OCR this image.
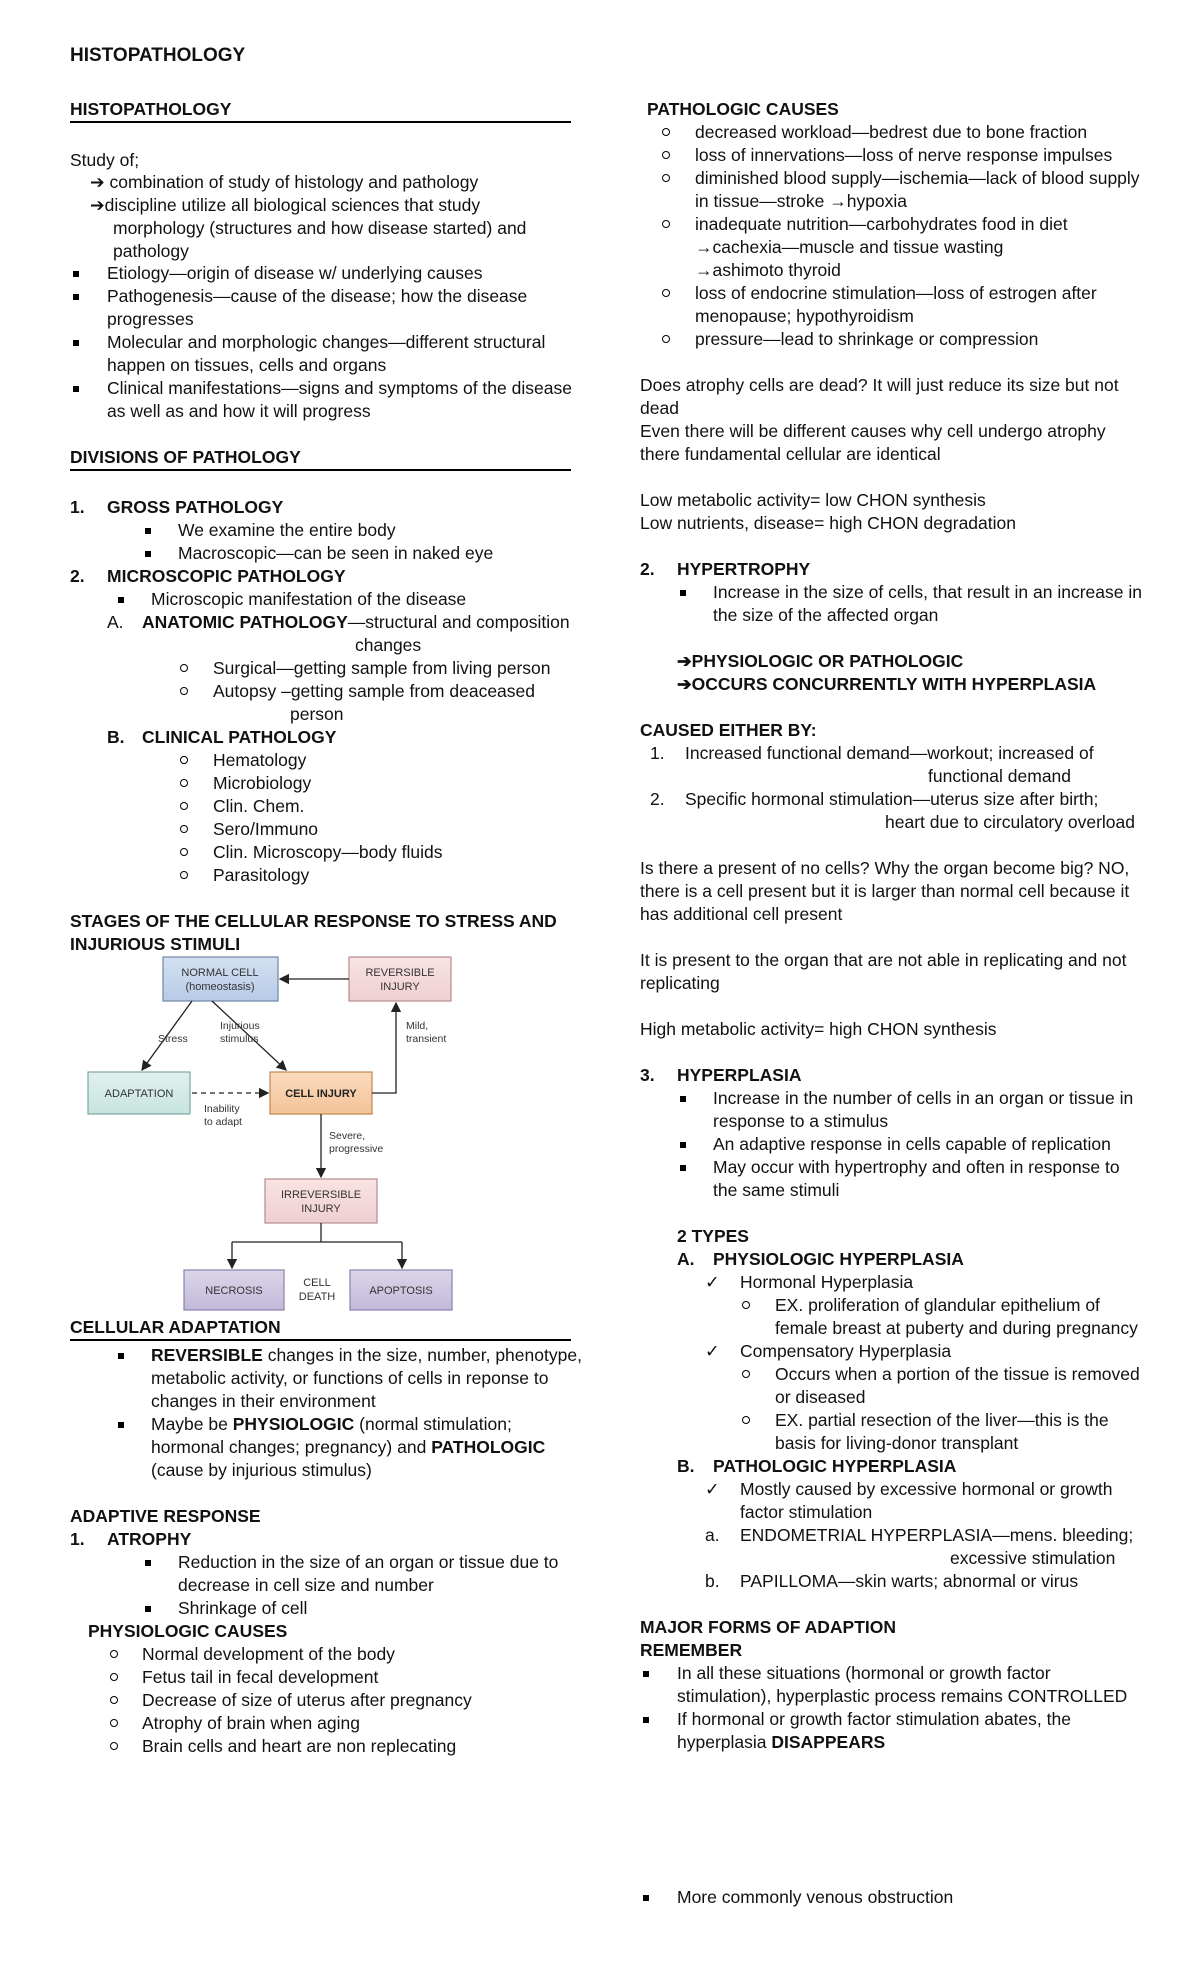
HISTOPATHOLOGY
HISTOPATHOLOGY
Study of;
➔ combination of study of histology and pathology
➔discipline utilize all biological sciences that study
morphology (structures and how disease started) and
pathology
Etiology—origin of disease w/ underlying causes
Pathogenesis—cause of the disease; how the disease
progresses
Molecular and morphologic changes—different structural
happen on tissues, cells and organs
Clinical manifestations—signs and symptoms of the disease
as well as and how it will progress
DIVISIONS OF PATHOLOGY
1. GROSS PATHOLOGY
We examine the entire body
Macroscopic—can be seen in naked eye
2. MICROSCOPIC PATHOLOGY
Microscopic manifestation of the disease
A. ANATOMIC PATHOLOGY—structural and composition
changes
Surgical—getting sample from living person
Autopsy –getting sample from deaceased
person
B. CLINICAL PATHOLOGY
Hematology
Microbiology
Clin. Chem.
Sero/Immuno
Clin. Microscopy—body fluids
Parasitology
STAGES OF THE CELLULAR RESPONSE TO STRESS AND
INJURIOUS STIMULI
NORMAL CELL
(homeostasis)
REVERSIBLE
INJURY
ADAPTATION	CELL INJURY
IRREVERSIBLE
INJURY
NECROSIS	APOPTOSIS
CELL
DEATH
Stress
Injurious
stimulus
Mild,
transient
Inability
to adapt
Severe,
progressive
CELLULAR ADAPTATION
REVERSIBLE changes in the size, number, phenotype,
metabolic activity, or functions of cells in reponse to
changes in their environment
Maybe be PHYSIOLOGIC (normal stimulation;
hormonal changes; pregnancy) and PATHOLOGIC
(cause by injurious stimulus)
ADAPTIVE RESPONSE
1. ATROPHY
Reduction in the size of an organ or tissue due to
decrease in cell size and number
Shrinkage of cell
PHYSIOLOGIC CAUSES
Normal development of the body
Fetus tail in fecal development
Decrease of size of uterus after pregnancy
Atrophy of brain when aging
Brain cells and heart are non replecating
PATHOLOGIC CAUSES
decreased workload—bedrest due to bone fraction
loss of innervations—loss of nerve response impulses
diminished blood supply—ischemia—lack of blood supply
in tissue—stroke →hypoxia
inadequate nutrition—carbohydrates food in diet
→cachexia—muscle and tissue wasting
→ashimoto thyroid
loss of endocrine stimulation—loss of estrogen after
menopause; hypothyroidism
pressure—lead to shrinkage or compression
Does atrophy cells are dead? It will just reduce its size but not
dead
Even there will be different causes why cell undergo atrophy
there fundamental cellular are identical
Low metabolic activity= low CHON synthesis
Low nutrients, disease= high CHON degradation
2. HYPERTROPHY
Increase in the size of cells, that result in an increase in
the size of the affected organ
➔PHYSIOLOGIC OR PATHOLOGIC
➔OCCURS CONCURRENTLY WITH HYPERPLASIA
CAUSED EITHER BY:
1. Increased functional demand—workout; increased of
functional demand
2. Specific hormonal stimulation—uterus size after birth;
heart due to circulatory overload
Is there a present of no cells? Why the organ become big? NO,
there is a cell present but it is larger than normal cell because it
has additional cell present
It is present to the organ that are not able in replicating and not
replicating
High metabolic activity= high CHON synthesis
3. HYPERPLASIA
Increase in the number of cells in an organ or tissue in
response to a stimulus
An adaptive response in cells capable of replication
May occur with hypertrophy and often in response to
the same stimuli
2 TYPES
A. PHYSIOLOGIC HYPERPLASIA
✓ Hormonal Hyperplasia
EX. proliferation of glandular epithelium of
female breast at puberty and during pregnancy
✓ Compensatory Hyperplasia
Occurs when a portion of the tissue is removed
or diseased
EX. partial resection of the liver—this is the
basis for living-donor transplant
B. PATHOLOGIC HYPERPLASIA
✓ Mostly caused by excessive hormonal or growth
factor stimulation
a. ENDOMETRIAL HYPERPLASIA—mens. bleeding;
excessive stimulation
b. PAPILLOMA—skin warts; abnormal or virus
MAJOR FORMS OF ADAPTION
REMEMBER
In all these situations (hormonal or growth factor
stimulation), hyperplastic process remains CONTROLLED
If hormonal or growth factor stimulation abates, the
hyperplasia DISAPPEARS
More commonly venous obstruction
